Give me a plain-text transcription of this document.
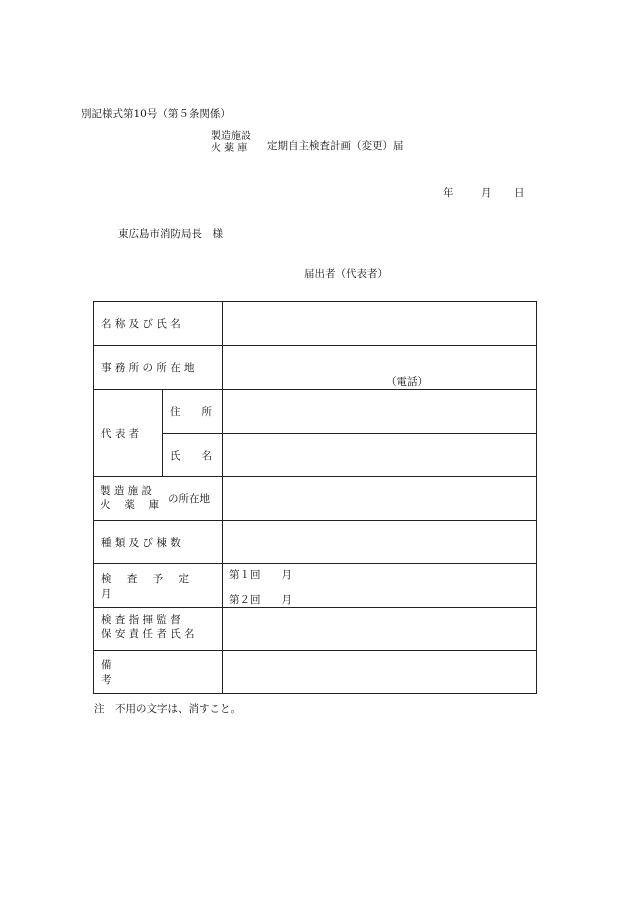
別記様式第10号（第５条関係）
製造施設
火 薬 庫	定期自主検査計画（変更）届
年	月 日
東広島市消防局長　様
届出者（代表者）
名 称 及 び 氏 名
事 務 所 の 所 在 地
（電話）
代 表 者
住　　所
氏　　名
製 造 施 設
火 　薬　 庫 の所在地
種 類 及 び 棟 数
検 査 予 定 月
第１回　　月
第２回　　月
検 査 指 揮 監 督
保 安 責 任 者 氏 名
備 考
注　不用の文字は、消すこと。
